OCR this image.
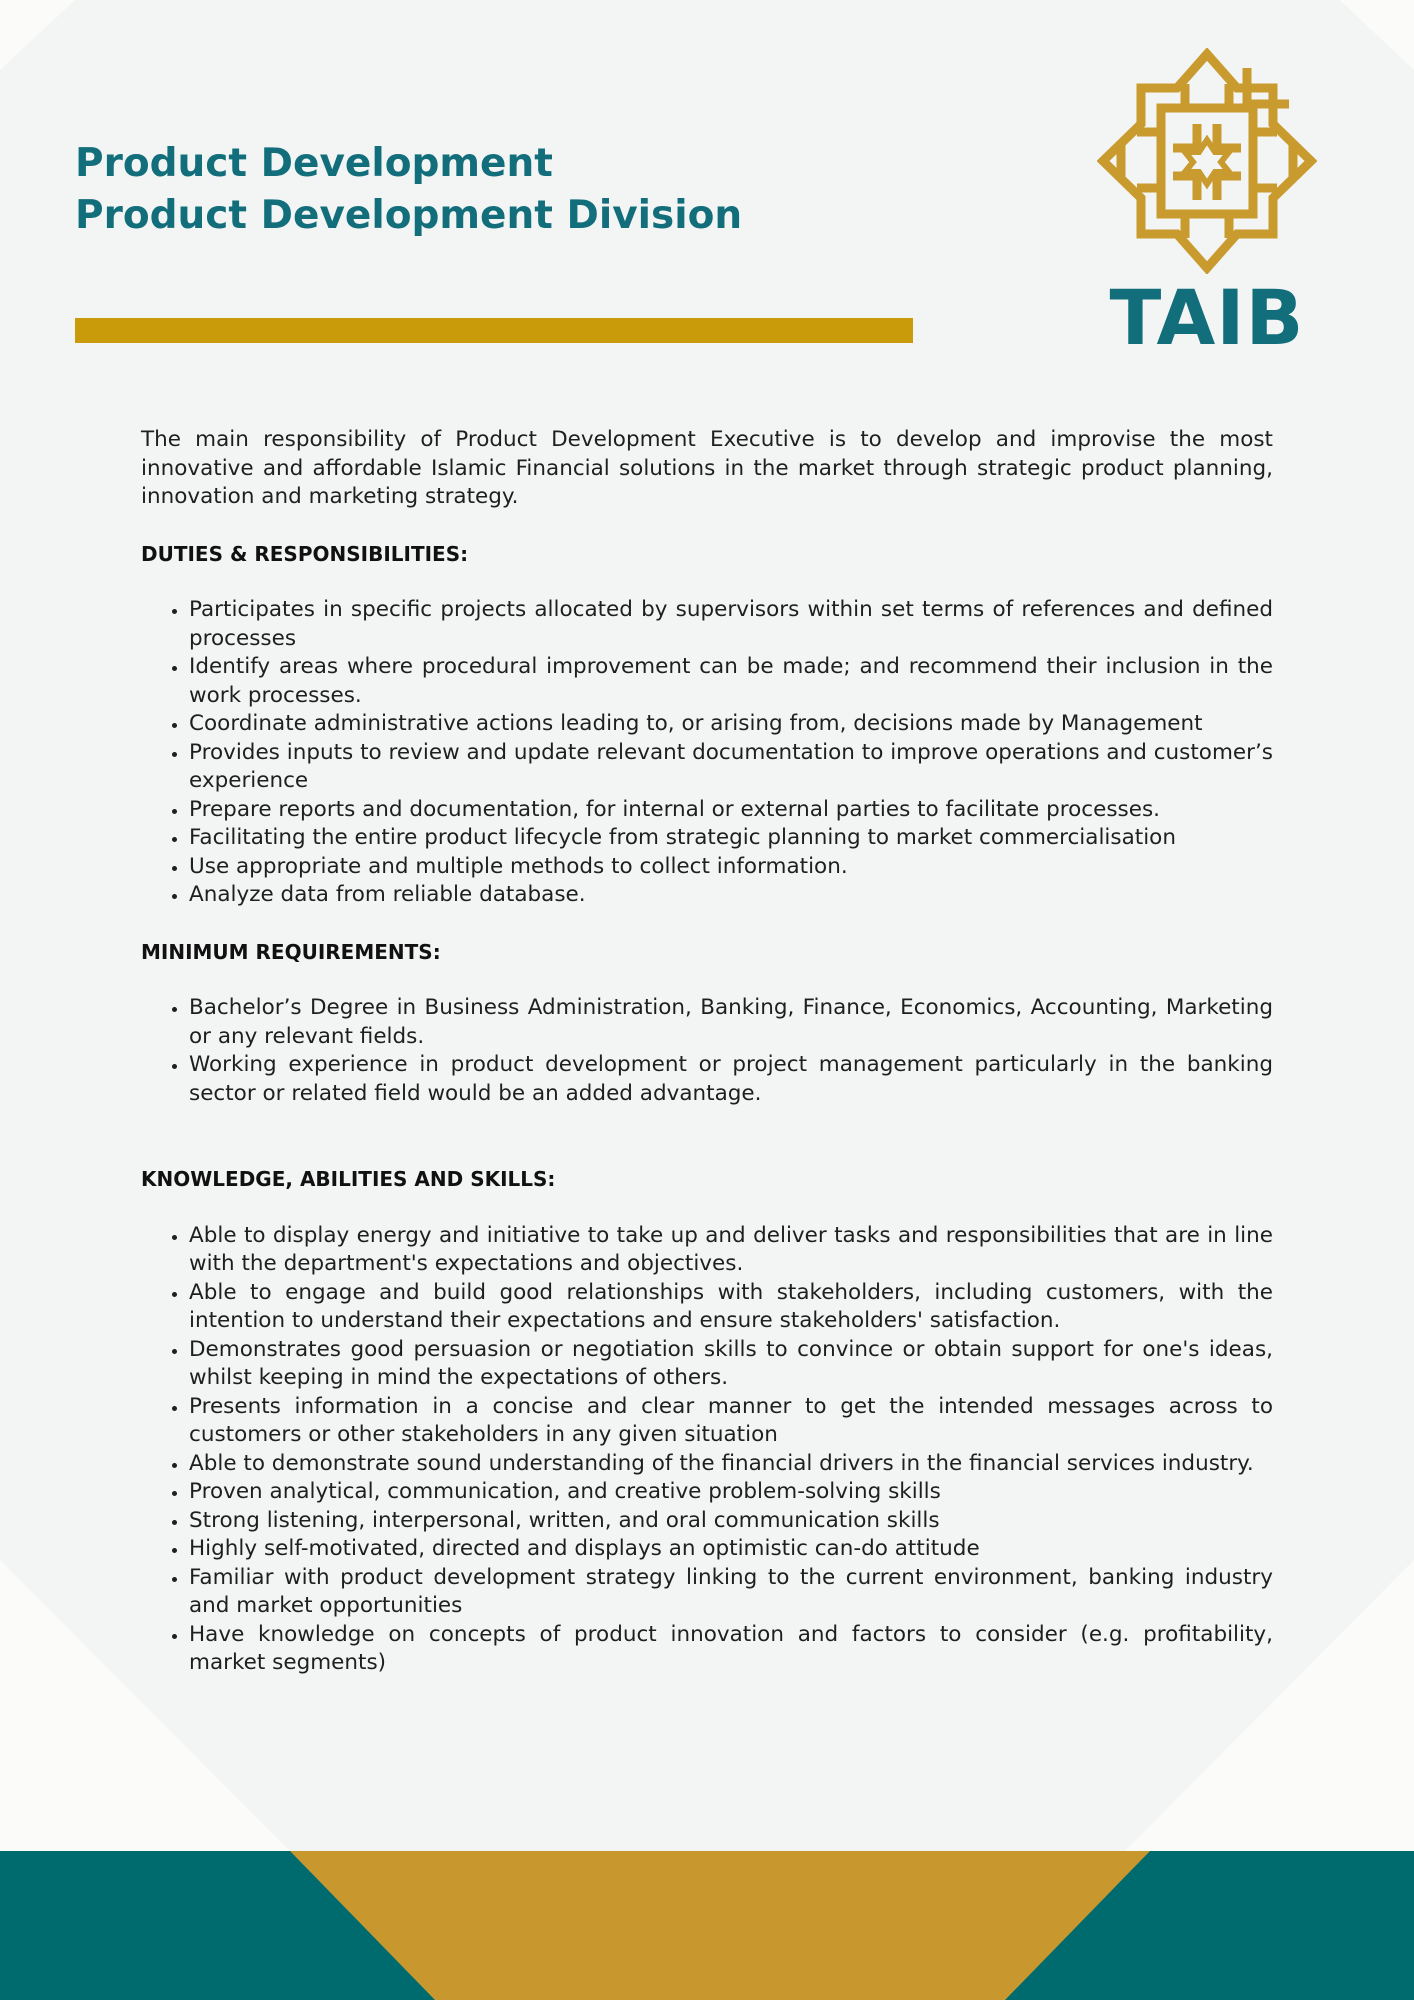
Product Development
Product Development Division
TAIB

The main responsibility of Product Development Executive is to develop and improvise the most innovative and affordable Islamic Financial solutions in the market through strategic product planning, innovation and marketing strategy.

DUTIES & RESPONSIBILITIES:
• Participates in specific projects allocated by supervisors within set terms of references and defined processes
• Identify areas where procedural improvement can be made; and recommend their inclusion in the work processes.
• Coordinate administrative actions leading to, or arising from, decisions made by Management
• Provides inputs to review and update relevant documentation to improve operations and customer’s experience
• Prepare reports and documentation, for internal or external parties to facilitate processes.
• Facilitating the entire product lifecycle from strategic planning to market commercialisation
• Use appropriate and multiple methods to collect information.
• Analyze data from reliable database.
MINIMUM REQUIREMENTS:
• Bachelor’s Degree in Business Administration, Banking, Finance, Economics, Accounting, Marketing or any relevant fields.
• Working experience in product development or project management particularly in the banking sector or related field would be an added advantage.
KNOWLEDGE, ABILITIES AND SKILLS:
• Able to display energy and initiative to take up and deliver tasks and responsibilities that are in line with the department's expectations and objectives.
• Able to engage and build good relationships with stakeholders, including customers, with the intention to understand their expectations and ensure stakeholders' satisfaction.
• Demonstrates good persuasion or negotiation skills to convince or obtain support for one's ideas, whilst keeping in mind the expectations of others.
• Presents information in a concise and clear manner to get the intended messages across to customers or other stakeholders in any given situation
• Able to demonstrate sound understanding of the financial drivers in the financial services industry.
• Proven analytical, communication, and creative problem-solving skills
• Strong listening, interpersonal, written, and oral communication skills
• Highly self-motivated, directed and displays an optimistic can-do attitude
• Familiar with product development strategy linking to the current environment, banking industry and market opportunities
• Have knowledge on concepts of product innovation and factors to consider (e.g. profitability, market segments)
